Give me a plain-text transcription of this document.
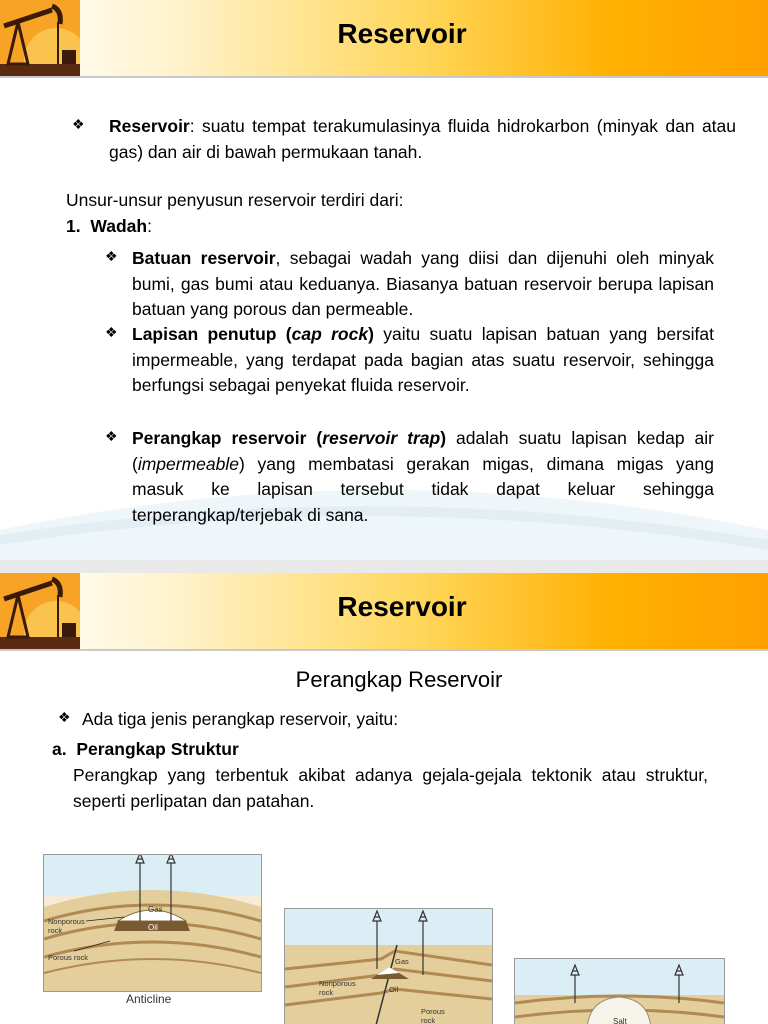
Reservoir
❖ Reservoir: suatu tempat terakumulasinya fluida hidrokarbon (minyak dan atau gas) dan air di bawah permukaan tanah.
Unsur-unsur penyusun reservoir terdiri dari:
1. Wadah:
❖ Batuan reservoir, sebagai wadah yang diisi dan dijenuhi oleh minyak bumi, gas bumi atau keduanya. Biasanya batuan reservoir berupa lapisan batuan yang porous dan permeable.
❖ Lapisan penutup (cap rock) yaitu suatu lapisan batuan yang bersifat impermeable, yang terdapat pada bagian atas suatu reservoir, sehingga berfungsi sebagai penyekat fluida reservoir.
❖ Perangkap reservoir (reservoir trap) adalah suatu lapisan kedap air (impermeable) yang membatasi gerakan migas, dimana migas yang masuk ke lapisan tersebut tidak dapat keluar sehingga terperangkap/terjebak di sana.
Reservoir
Perangkap Reservoir
❖ Ada tiga jenis perangkap reservoir, yaitu:
a. Perangkap Struktur
Perangkap yang terbentuk akibat adanya gejala-gejala tektonik atau struktur, seperti perlipatan dan patahan.
Gas
Oil
Nonporous rock
Porous rock
Anticline
Nonporous rock
Gas
Oil
Porous rock	Salt
